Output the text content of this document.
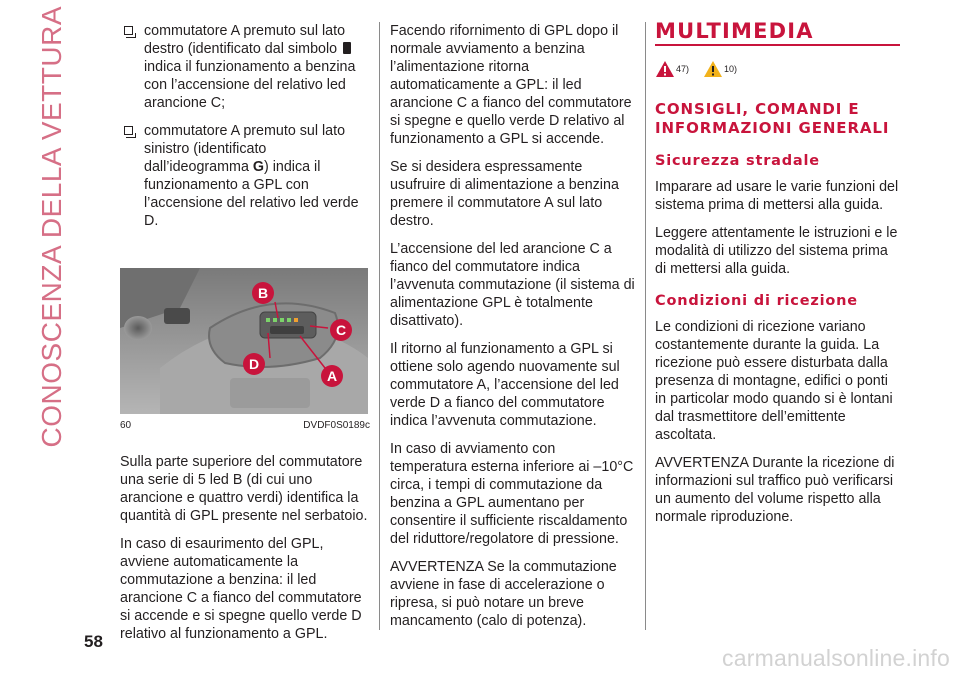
CONOSCENZA DELLA VETTURA	commutatore A premuto sul lato destro (identificato dal simbolo  indica il funzionamento a benzina con l’accensione del relativo led arancione C;
commutatore A premuto sul lato sinistro (identificato dall’ideogramma G) indica il funzionamento a GPL con l’accensione del relativo led verde D.
B
C
D
A
60	DVDF0S0189c

Sulla parte superiore del commutatore una serie di 5 led B (di cui uno arancione e quattro verdi) identifica la quantità di GPL presente nel serbatoio.

In caso di esaurimento del GPL, avviene automaticamente la commutazione a benzina: il led arancione C a fianco del commutatore si accende e si spegne quello verde D relativo al funzionamento a GPL.

Facendo rifornimento di GPL dopo il normale avviamento a benzina l’alimentazione ritorna automaticamente a GPL: il led arancione C a fianco del commutatore si spegne e quello verde D relativo al funzionamento a GPL si accende.

Se si desidera espressamente usufruire di alimentazione a benzina premere il commutatore A sul lato destro.

L’accensione del led arancione C a fianco del commutatore indica l’avvenuta commutazione (il sistema di alimentazione GPL è totalmente disattivato).

Il ritorno al funzionamento a GPL si ottiene solo agendo nuovamente sul commutatore A, l’accensione del led verde D a fianco del commutatore indica l’avvenuta commutazione.

In caso di avviamento con temperatura esterna inferiore ai –10°C circa, i tempi di commutazione da benzina a GPL aumentano per consentire il sufficiente riscaldamento del riduttore/regolatore di pressione.

AVVERTENZA Se la commutazione avviene in fase di accelerazione o ripresa, si può notare un breve mancamento (calo di potenza).

MULTIMEDIA
47)	10)
CONSIGLI, COMANDI E INFORMAZIONI GENERALI
Sicurezza stradale

Imparare ad usare le varie funzioni del sistema prima di mettersi alla guida.

Leggere attentamente le istruzioni e le modalità di utilizzo del sistema prima di mettersi alla guida.

Condizioni di ricezione

Le condizioni di ricezione variano costantemente durante la guida. La ricezione può essere disturbata dalla presenza di montagne, edifici o ponti in particolar modo quando si è lontani dal trasmettitore dell’emittente ascoltata.

AVVERTENZA Durante la ricezione di informazioni sul traffico può verificarsi un aumento del volume rispetto alla normale riproduzione.

58
carmanualsonline.info
